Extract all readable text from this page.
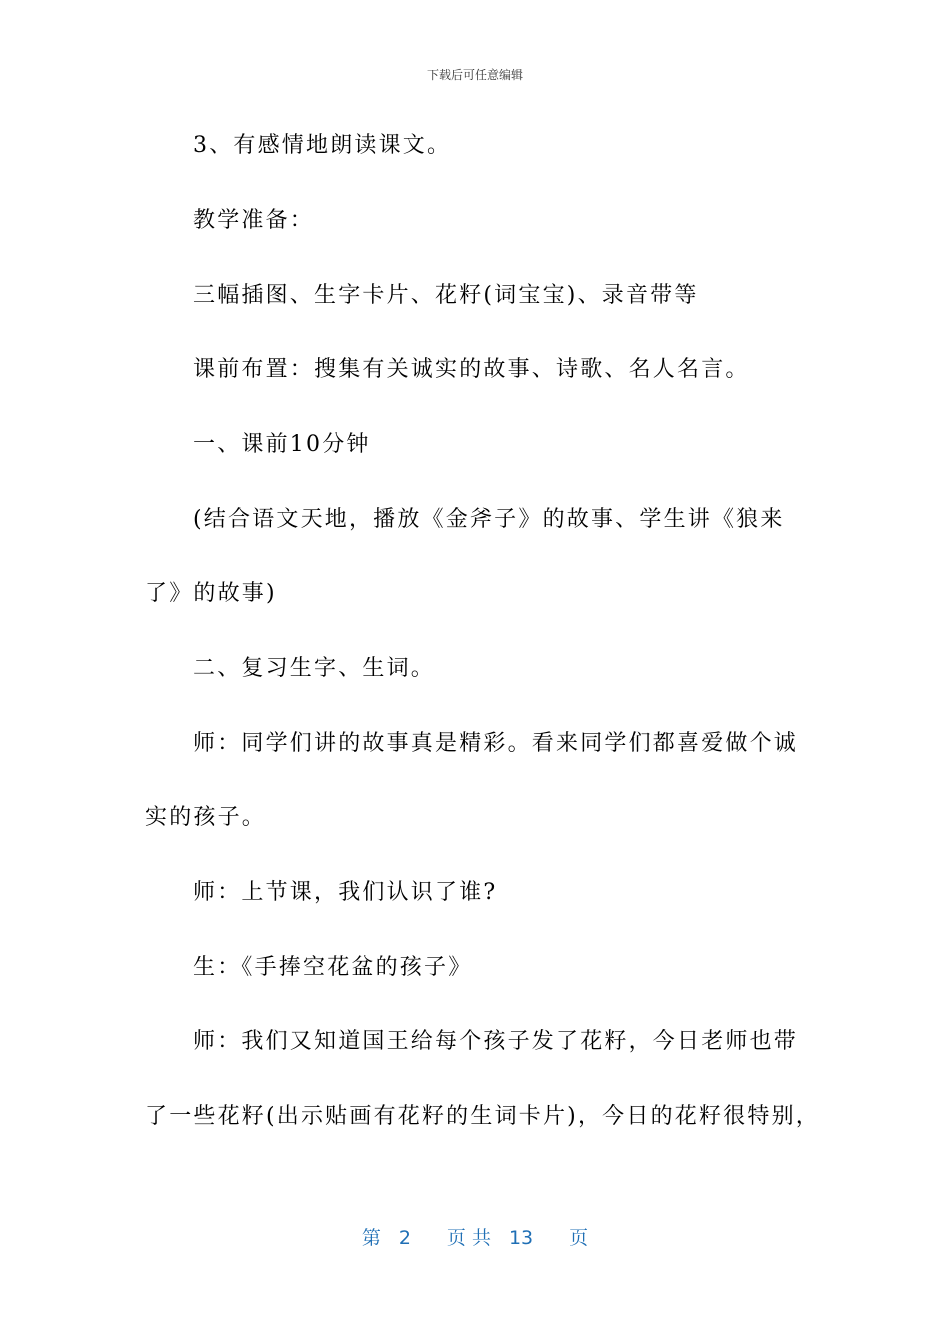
下载后可任意编辑
3、有感情地朗读课文。
教学准备：
三幅插图、生字卡片、花籽(词宝宝)、录音带等
课前布置：搜集有关诚实的故事、诗歌、名人名言。
一、课前10分钟
(结合语文天地，播放《金斧子》的故事、学生讲《狼来
了》的故事)
二、复习生字、生词。
师：同学们讲的故事真是精彩。看来同学们都喜爱做个诚
实的孩子。
师：上节课，我们认识了谁?
生：《手捧空花盆的孩子》
师：我们又知道国王给每个孩子发了花籽，今日老师也带
了一些花籽(出示贴画有花籽的生词卡片)，今日的花籽很特别，
第 2 页 共 13 页
